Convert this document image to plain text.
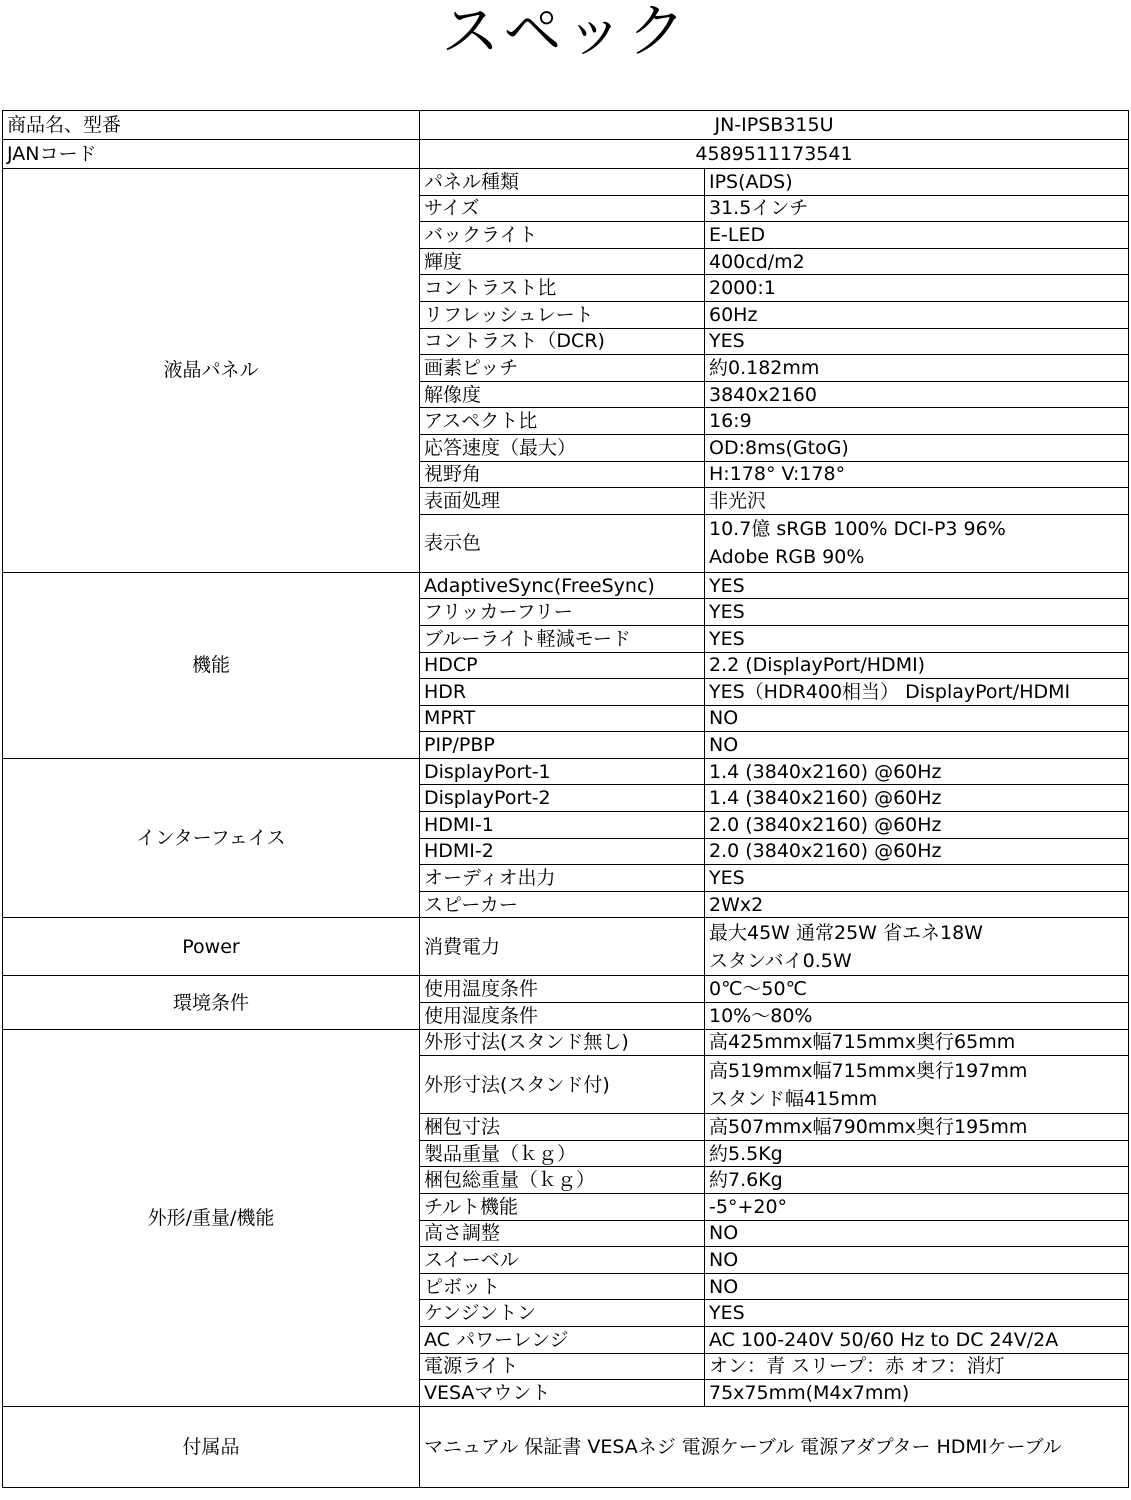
スペック
商品名、型番	JN-IPSB315U	
JANコード	4589511173541	
液晶パネル	パネル種類	IPS(ADS)
	サイズ	31.5インチ
	バックライト	E-LED
	輝度	400cd/m2
	コントラスト比	2000:1
	リフレッシュレート	60Hz
	コントラスト（DCR)	YES
	画素ピッチ	約0.182mm
	解像度	3840x2160
	アスペクト比	16:9
	応答速度（最大）	OD:8ms(GtoG)
	視野角	H:178° V:178°
	表面処理	非光沢
	表示色	10.7億 sRGB 100% DCI-P3 96%
Adobe RGB 90%

機能	AdaptiveSync(FreeSync)	YES
	フリッカーフリー	YES
	ブルーライト軽減モード	YES
	HDCP	2.2 (DisplayPort/HDMI)
	HDR	YES（HDR400相当） DisplayPort/HDMI
	MPRT	NO
	PIP/PBP	NO
インターフェイス	DisplayPort-1	1.4 (3840x2160) @60Hz
	DisplayPort-2	1.4 (3840x2160) @60Hz
	HDMI-1	2.0 (3840x2160) @60Hz
	HDMI-2	2.0 (3840x2160) @60Hz
	オーディオ出力	YES
	スピーカー	2Wx2
Power	消費電力	最大45W 通常25W 省エネ18W
スタンバイ0.5W

環境条件	使用温度条件	0℃～50℃
	使用湿度条件	10%～80%
外形/重量/機能	外形寸法(スタンド無し)	高425mmx幅715mmx奥行65mm
	外形寸法(スタンド付)	高519mmx幅715mmx奥行197mm
スタンド幅415mm

	梱包寸法	高507mmx幅790mmx奥行195mm
	製品重量（ｋｇ）	約5.5Kg
	梱包総重量（ｋｇ）	約7.6Kg
	チルト機能	-5°+20°
	高さ調整	NO
	スイーベル	NO
	ピボット	NO
	ケンジントン	YES
	AC パワーレンジ	AC 100-240V 50/60 Hz to DC 24V/2A
	電源ライト	オン：青 スリープ：赤 オフ：消灯
	VESAマウント	75x75mm(M4x7mm)
付属品	マニュアル 保証書 VESAネジ 電源ケーブル 電源アダプター HDMIケーブル	
